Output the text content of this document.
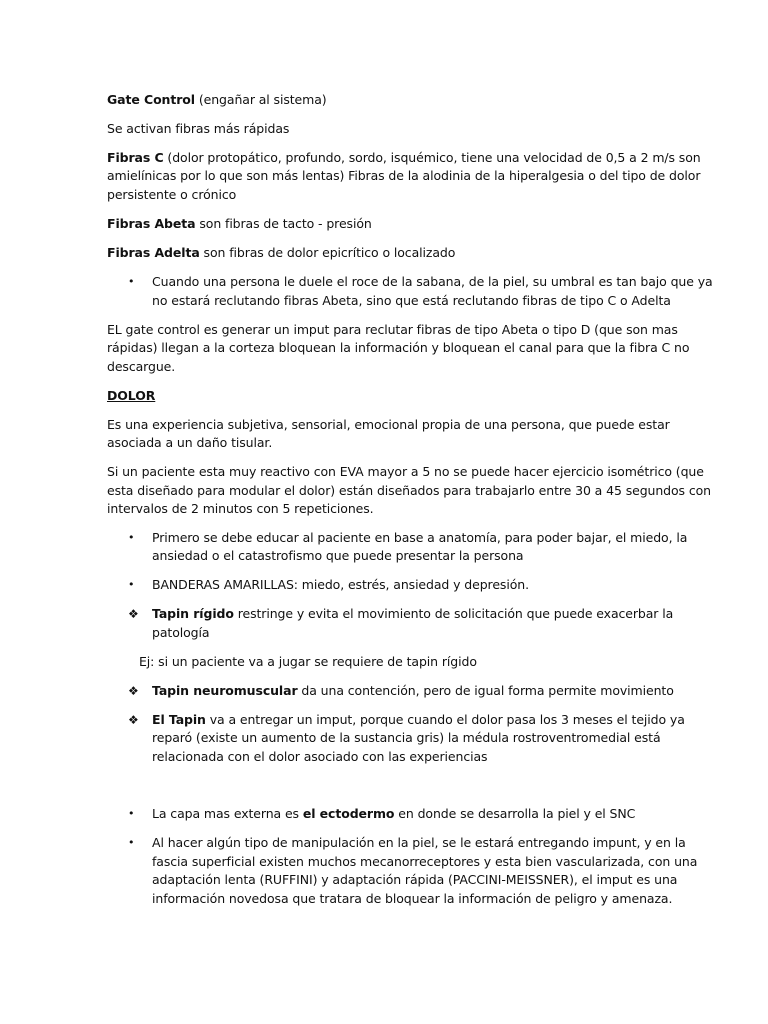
Gate Control (engañar al sistema)

Se activan fibras más rápidas

Fibras C (dolor protopático, profundo, sordo, isquémico, tiene una velocidad de 0,5 a 2 m/s son

amielínicas por lo que son más lentas) Fibras de la alodinia de la hiperalgesia o del tipo de dolor

persistente o crónico

Fibras Abeta son fibras de tacto - presión

Fibras Adelta son fibras de dolor epicrítico o localizado

• Cuando una persona le duele el roce de la sabana, de la piel, su umbral es tan bajo que ya

no estará reclutando fibras Abeta, sino que está reclutando fibras de tipo C o Adelta

EL gate control es generar un imput para reclutar fibras de tipo Abeta o tipo D (que son mas

rápidas) llegan a la corteza bloquean la información y bloquean el canal para que la fibra C no

descargue.

DOLOR

Es una experiencia subjetiva, sensorial, emocional propia de una persona, que puede estar

asociada a un daño tisular.

Si un paciente esta muy reactivo con EVA mayor a 5 no se puede hacer ejercicio isométrico (que

esta diseñado para modular el dolor) están diseñados para trabajarlo entre 30 a 45 segundos con

intervalos de 2 minutos con 5 repeticiones.

• Primero se debe educar al paciente en base a anatomía, para poder bajar, el miedo, la

ansiedad o el catastrofismo que puede presentar la persona

• BANDERAS AMARILLAS: miedo, estrés, ansiedad y depresión.

❖ Tapin rígido restringe y evita el movimiento de solicitación que puede exacerbar la

patología

Ej: si un paciente va a jugar se requiere de tapin rígido

❖ Tapin neuromuscular da una contención, pero de igual forma permite movimiento

❖ El Tapin va a entregar un imput, porque cuando el dolor pasa los 3 meses el tejido ya

reparó (existe un aumento de la sustancia gris) la médula rostroventromedial está

relacionada con el dolor asociado con las experiencias

• La capa mas externa es el ectodermo en donde se desarrolla la piel y el SNC

• Al hacer algún tipo de manipulación en la piel, se le estará entregando impunt, y en la

fascia superficial existen muchos mecanorreceptores y esta bien vascularizada, con una

adaptación lenta (RUFFINI) y adaptación rápida (PACCINI-MEISSNER), el imput es una

información novedosa que tratara de bloquear la información de peligro y amenaza.
